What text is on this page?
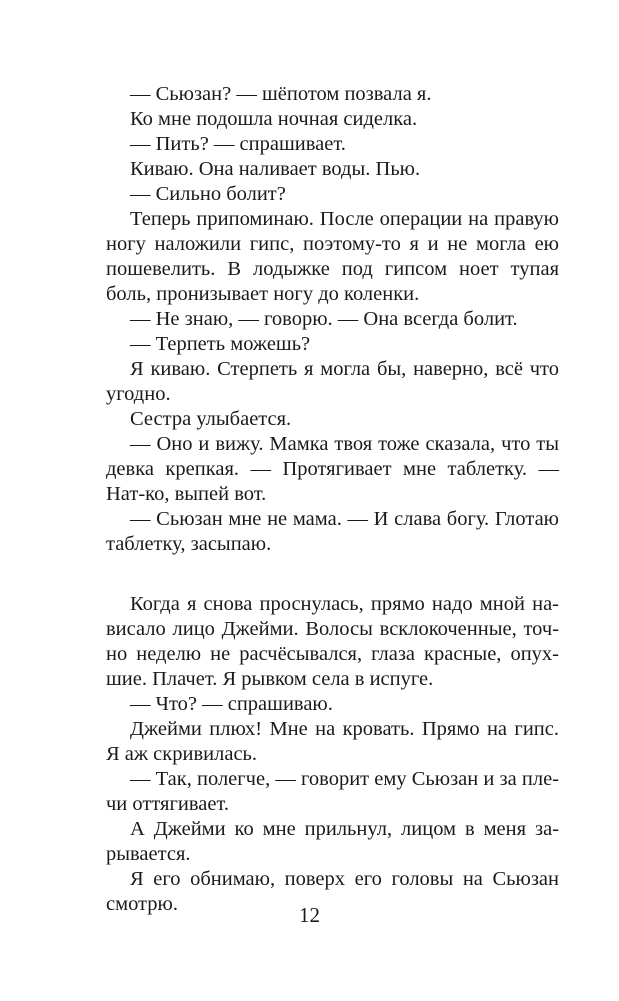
— Сьюзан? — шёпотом позвала я.

Ко мне подошла ночная сиделка.

— Пить? — спрашивает.

Киваю. Она наливает воды. Пью.

— Сильно болит?

Теперь припоминаю. После операции на правую ногу наложили гипс, поэтому-то я и не могла ею пошевелить. В лодыжке под гипсом ноет тупая боль, пронизывает ногу до коленки.

— Не знаю, — говорю. — Она всегда болит.

— Терпеть можешь?

Я киваю. Стерпеть я могла бы, наверно, всё что угодно.

Сестра улыбается.

— Оно и вижу. Мамка твоя тоже сказала, что ты девка крепкая. — Протягивает мне таблетку. — Нат-ко, выпей вот.

— Сьюзан мне не мама. — И слава богу. Глотаю таблетку, засыпаю.

Когда я снова проснулась, прямо надо мной нависало лицо Джейми. Волосы всклокоченные, точно неделю не расчёсывался, глаза красные, опухшие. Плачет. Я рывком села в испуге.

— Что? — спрашиваю.

Джейми плюх! Мне на кровать. Прямо на гипс. Я аж скривилась.

— Так, полегче, — говорит ему Сьюзан и за плечи оттягивает.

А Джейми ко мне прильнул, лицом в меня зарывается.

Я его обнимаю, поверх его головы на Сьюзан смотрю.	12
